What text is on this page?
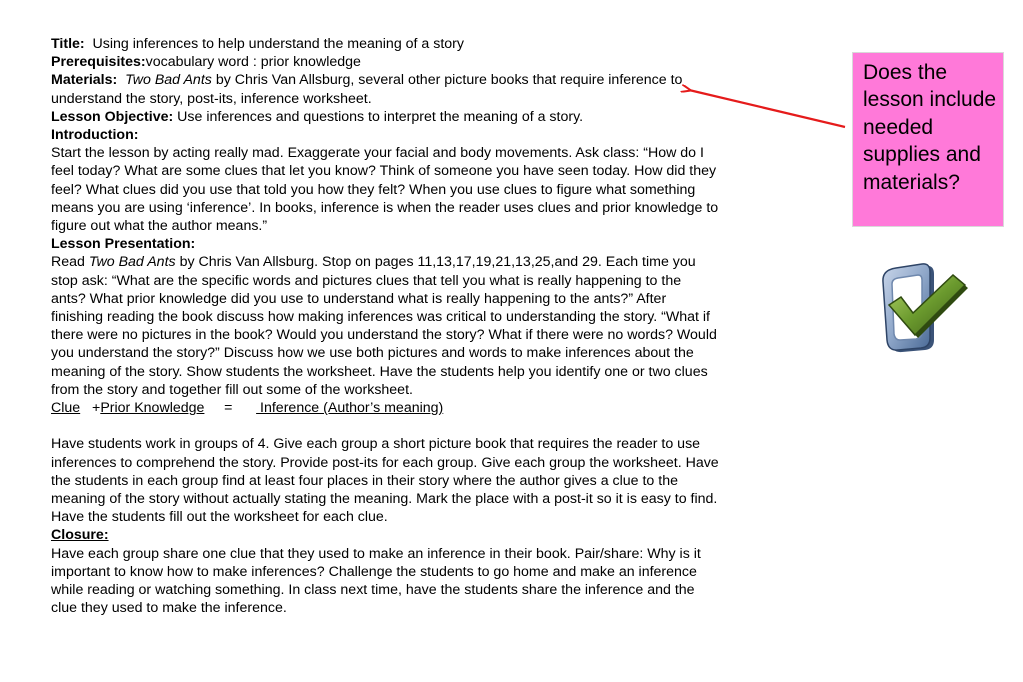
Title: Using inferences to help understand the meaning of a story

Prerequisites:vocabulary word : prior knowledge

Materials: Two Bad Ants by Chris Van Allsburg, several other picture books that require inference to understand the story, post-its, inference worksheet.

Lesson Objective: Use inferences and questions to interpret the meaning of a story.

Introduction:

Start the lesson by acting really mad. Exaggerate your facial and body movements. Ask class: “How do I feel today? What are some clues that let you know? Think of someone you have seen today. How did they feel? What clues did you use that told you how they felt? When you use clues to figure what something means you are using ‘inference’. In books, inference is when the reader uses clues and prior knowledge to figure out what the author means.”

Lesson Presentation:

Read Two Bad Ants by Chris Van Allsburg. Stop on pages 11,13,17,19,21,13,25,and 29. Each time you stop ask: “What are the specific words and pictures clues that tell you what is really happening to the ants? What prior knowledge did you use to understand what is really happening to the ants?” After finishing reading the book discuss how making inferences was critical to understanding the story. “What if there were no pictures in the book? Would you understand the story? What if there were no words? Would you understand the story?” Discuss how we use both pictures and words to make inferences about the meaning of the story. Show students the worksheet. Have the students help you identify one or two clues from the story and together fill out some of the worksheet.

Clue +Prior Knowledge =       Inference (Author’s meaning)

Have students work in groups of 4. Give each group a short picture book that requires the reader to use inferences to comprehend the story. Provide post-its for each group. Give each group the worksheet. Have the students in each group find at least four places in their story where the author gives a clue to the meaning of the story without actually stating the meaning. Mark the place with a post-it so it is easy to find. Have the students fill out the worksheet for each clue.

Closure:

Have each group share one clue that they used to make an inference in their book. Pair/share: Why is it important to know how to make inferences? Challenge the students to go home and make an inference while reading or watching something. In class next time, have the students share the inference and the clue they used to make the inference.

Does the lesson include needed supplies and materials?
